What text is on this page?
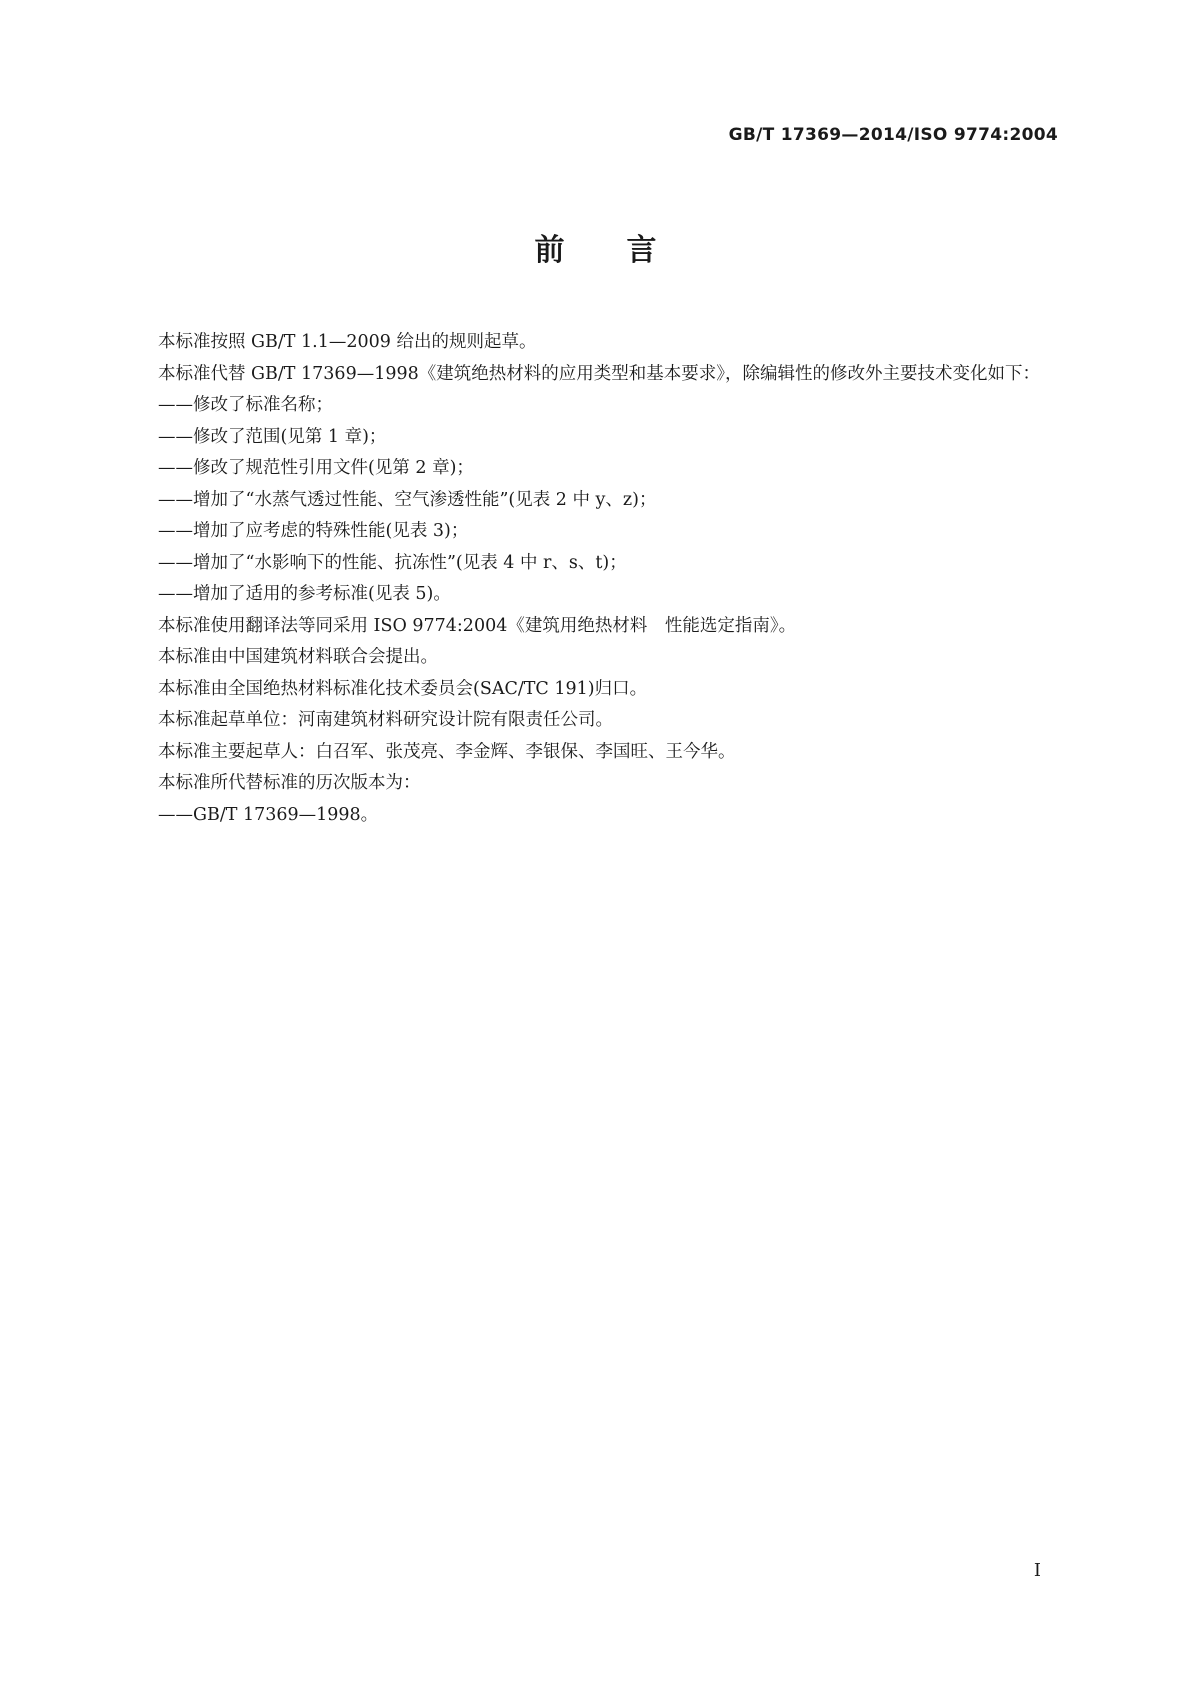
GB/T 17369—2014/ISO 9774:2004
前言

本标准按照 GB/T 1.1—2009 给出的规则起草。

本标准代替 GB/T 17369—1998《建筑绝热材料的应用类型和基本要求》，除编辑性的修改外主要技术变化如下：

——修改了标准名称；

——修改了范围(见第 1 章)；

——修改了规范性引用文件(见第 2 章)；

——增加了“水蒸气透过性能、空气渗透性能”(见表 2 中 y、z)；

——增加了应考虑的特殊性能(见表 3)；

——增加了“水影响下的性能、抗冻性”(见表 4 中 r、s、t)；

——增加了适用的参考标准(见表 5)。

本标准使用翻译法等同采用 ISO 9774:2004《建筑用绝热材料　性能选定指南》。

本标准由中国建筑材料联合会提出。

本标准由全国绝热材料标准化技术委员会(SAC/TC 191)归口。

本标准起草单位：河南建筑材料研究设计院有限责任公司。

本标准主要起草人：白召军、张茂亮、李金辉、李银保、李国旺、王今华。

本标准所代替标准的历次版本为：

——GB/T 17369—1998。

I
